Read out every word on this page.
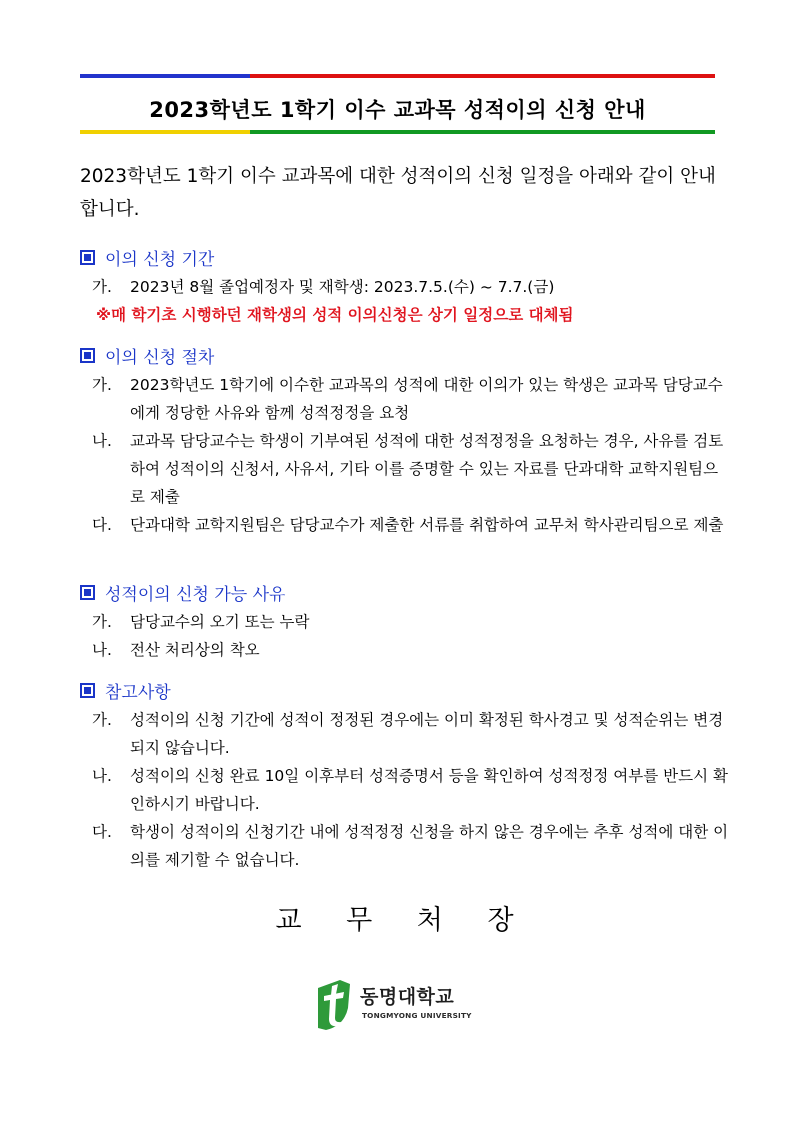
2023학년도 1학기 이수 교과목 성적이의 신청 안내
2023학년도 1학기 이수 교과목에 대한 성적이의 신청 일정을 아래와 같이 안내합니다.
이의 신청 기간
가.	2023년 8월 졸업예정자 및 재학생: 2023.7.5.(수) ~ 7.7.(금)
※매 학기초 시행하던 재학생의 성적 이의신청은 상기 일정으로 대체됨
이의 신청 절차
가.	2023학년도 1학기에 이수한 교과목의 성적에 대한 이의가 있는 학생은 교과목 담당교수에게 정당한 사유와 함께 성적정정을 요청
나.	교과목 담당교수는 학생이 기부여된 성적에 대한 성적정정을 요청하는 경우, 사유를 검토하여 성적이의 신청서, 사유서, 기타 이를 증명할 수 있는 자료를 단과대학 교학지원팀으로 제출
다.	단과대학 교학지원팀은 담당교수가 제출한 서류를 취합하여 교무처 학사관리팀으로 제출
성적이의 신청 가능 사유
가.	담당교수의 오기 또는 누락
나.	전산 처리상의 착오
참고사항
가.	성적이의 신청 기간에 성적이 정정된 경우에는 이미 확정된 학사경고 및 성적순위는 변경되지 않습니다.
나.	성적이의 신청 완료 10일 이후부터 성적증명서 등을 확인하여 성적정정 여부를 반드시 확인하시기 바랍니다.
다.	학생이 성적이의 신청기간 내에 성적정정 신청을 하지 않은 경우에는 추후 성적에 대한 이의를 제기할 수 없습니다.
교 무 처 장
동명대학교
TONGMYONG UNIVERSITY
